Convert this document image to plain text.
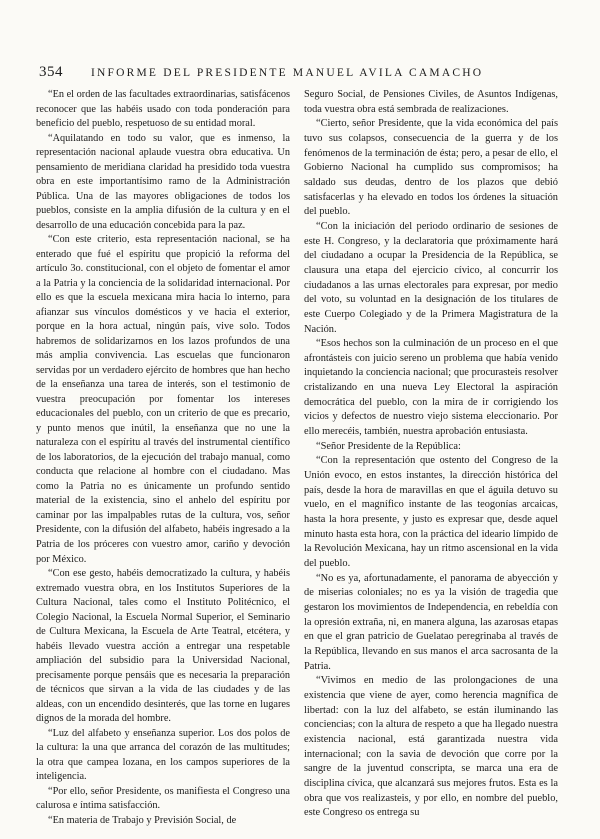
354	INFORME DEL PRESIDENTE MANUEL AVILA CAMACHO

“En el orden de las facultades extraordinarias, satisfácenos reconocer que las habéis usado con toda ponderación para beneficio del pueblo, respetuoso de su entidad moral.

“Aquilatando en todo su valor, que es inmenso, la representación nacional aplaude vuestra obra educativa. Un pensamiento de meridiana claridad ha presidido toda vuestra obra en este importantísimo ramo de la Administración Pública. Una de las mayores obligaciones de todos los pueblos, consiste en la amplia difusión de la cultura y en el desarrollo de una educación concebida para la paz.

“Con este criterio, esta representación nacional, se ha enterado que fué el espíritu que propició la reforma del artículo 3o. constitucional, con el objeto de fomentar el amor a la Patria y la conciencia de la solidaridad internacional. Por ello es que la escuela mexicana mira hacia lo interno, para afianzar sus vínculos domésticos y ve hacia el exterior, porque en la hora actual, ningún país, vive solo. Todos habremos de solidarizarnos en los lazos profundos de una más amplia convivencia. Las escuelas que funcionaron servidas por un verdadero ejército de hombres que han hecho de la enseñanza una tarea de interés, son el testimonio de vuestra preocupación por fomentar los intereses educacionales del pueblo, con un criterio de que es precario, y punto menos que inútil, la enseñanza que no une la naturaleza con el espíritu al través del instrumental científico de los laboratorios, de la ejecución del trabajo manual, como conducta que relacione al hombre con el ciudadano. Mas como la Patria no es únicamente un profundo sentido material de la existencia, sino el anhelo del espíritu por caminar por las impalpables rutas de la cultura, vos, señor Presidente, con la difusión del alfabeto, habéis ingresado a la Patria de los próceres con vuestro amor, cariño y devoción por México.

“Con ese gesto, habéis democratizado la cultura, y habéis extremado vuestra obra, en los Institutos Superiores de la Cultura Nacional, tales como el Instituto Politécnico, el Colegio Nacional, la Escuela Normal Superior, el Seminario de Cultura Mexicana, la Escuela de Arte Teatral, etcétera, y habéis llevado vuestra acción a entregar una respetable ampliación del subsidio para la Universidad Nacional, precisamente porque pensáis que es necesaria la preparación de técnicos que sirvan a la vida de las ciudades y de las aldeas, con un encendido desinterés, que las torne en lugares dignos de la morada del hombre.

“Luz del alfabeto y enseñanza superior. Los dos polos de la cultura: la una que arranca del corazón de las multitudes; la otra que campea lozana, en los campos superiores de la inteligencia.

“Por ello, señor Presidente, os manifiesta el Congreso una calurosa e íntima satisfacción.

“En materia de Trabajo y Previsión Social, de

Seguro Social, de Pensiones Civiles, de Asuntos Indígenas, toda vuestra obra está sembrada de realizaciones.

“Cierto, señor Presidente, que la vida económica del país tuvo sus colapsos, consecuencia de la guerra y de los fenómenos de la terminación de ésta; pero, a pesar de ello, el Gobierno Nacional ha cumplido sus compromisos; ha saldado sus deudas, dentro de los plazos que debió satisfacerlas y ha elevado en todos los órdenes la situación del pueblo.

“Con la iniciación del periodo ordinario de sesiones de este H. Congreso, y la declaratoria que próximamente hará del ciudadano a ocupar la Presidencia de la República, se clausura una etapa del ejercicio cívico, al concurrir los ciudadanos a las urnas electorales para expresar, por medio del voto, su voluntad en la designación de los titulares de este Cuerpo Colegiado y de la Primera Magistratura de la Nación.

“Esos hechos son la culminación de un proceso en el que afrontásteis con juicio sereno un problema que había venido inquietando la conciencia nacional; que procurasteis resolver cristalizando en una nueva Ley Electoral la aspiración democrática del pueblo, con la mira de ir corrigiendo los vicios y defectos de nuestro viejo sistema eleccionario. Por ello merecéis, también, nuestra aprobación entusiasta.

“Señor Presidente de la República:

“Con la representación que ostento del Congreso de la Unión evoco, en estos instantes, la dirección histórica del país, desde la hora de maravillas en que el águila detuvo su vuelo, en el magnífico instante de las teogonías arcaicas, hasta la hora presente, y justo es expresar que, desde aquel minuto hasta esta hora, con la práctica del ideario límpido de la Revolución Mexicana, hay un ritmo ascensional en la vida del pueblo.

“No es ya, afortunadamente, el panorama de abyección y de miserias coloniales; no es ya la visión de tragedia que gestaron los movimientos de Independencia, en rebeldía con la opresión extraña, ni, en manera alguna, las azarosas etapas en que el gran patricio de Guelatao peregrinaba al través de la República, llevando en sus manos el arca sacrosanta de la Patria.

“Vivimos en medio de las prolongaciones de una existencia que viene de ayer, como herencia magnífica de libertad: con la luz del alfabeto, se están iluminando las conciencias; con la altura de respeto a que ha llegado nuestra existencia nacional, está garantizada nuestra vida internacional; con la savia de devoción que corre por la sangre de la juventud conscripta, se marca una era de disciplina cívica, que alcanzará sus mejores frutos. Esta es la obra que vos realizasteis, y por ello, en nombre del pueblo, este Congreso os entrega su
